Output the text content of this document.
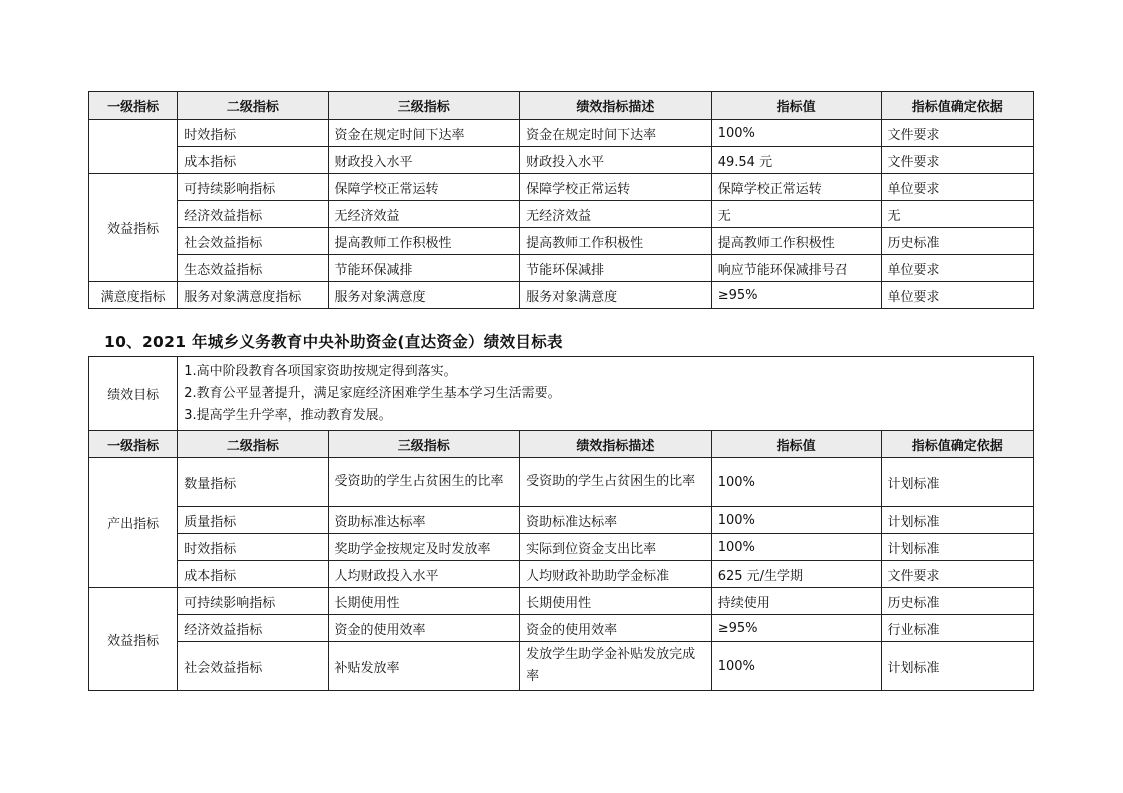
一级指标	二级指标	三级指标	绩效指标描述	指标值	指标值确定依据
	时效指标	资金在规定时间下达率	资金在规定时间下达率	100%	文件要求
	成本指标	财政投入水平	财政投入水平	49.54 元	文件要求
效益指标	可持续影响指标	保障学校正常运转	保障学校正常运转	保障学校正常运转	单位要求
	经济效益指标	无经济效益	无经济效益	无	无
	社会效益指标	提高教师工作积极性	提高教师工作积极性	提高教师工作积极性	历史标准
	生态效益指标	节能环保减排	节能环保减排	响应节能环保减排号召	单位要求
满意度指标	服务对象满意度指标	服务对象满意度	服务对象满意度	≥95%	单位要求
10、2021 年城乡义务教育中央补助资金(直达资金）绩效目标表
绩效目标	1.高中阶段教育各项国家资助按规定得到落实。
2.教育公平显著提升，满足家庭经济困难学生基本学习生活需要。
3.提高学生升学率，推动教育发展。				

一级指标	二级指标	三级指标	绩效指标描述	指标值	指标值确定依据
产出指标	数量指标	受资助的学生占贫困生的比率	受资助的学生占贫困生的比率	100%	计划标准
	质量指标	资助标准达标率	资助标准达标率	100%	计划标准
	时效指标	奖助学金按规定及时发放率	实际到位资金支出比率	100%	计划标准
	成本指标	人均财政投入水平	人均财政补助助学金标准	625 元/生学期	文件要求
效益指标	可持续影响指标	长期使用性	长期使用性	持续使用	历史标准
	经济效益指标	资金的使用效率	资金的使用效率	≥95%	行业标准
	社会效益指标	补贴发放率	发放学生助学金补贴发放完成率	100%	计划标准
